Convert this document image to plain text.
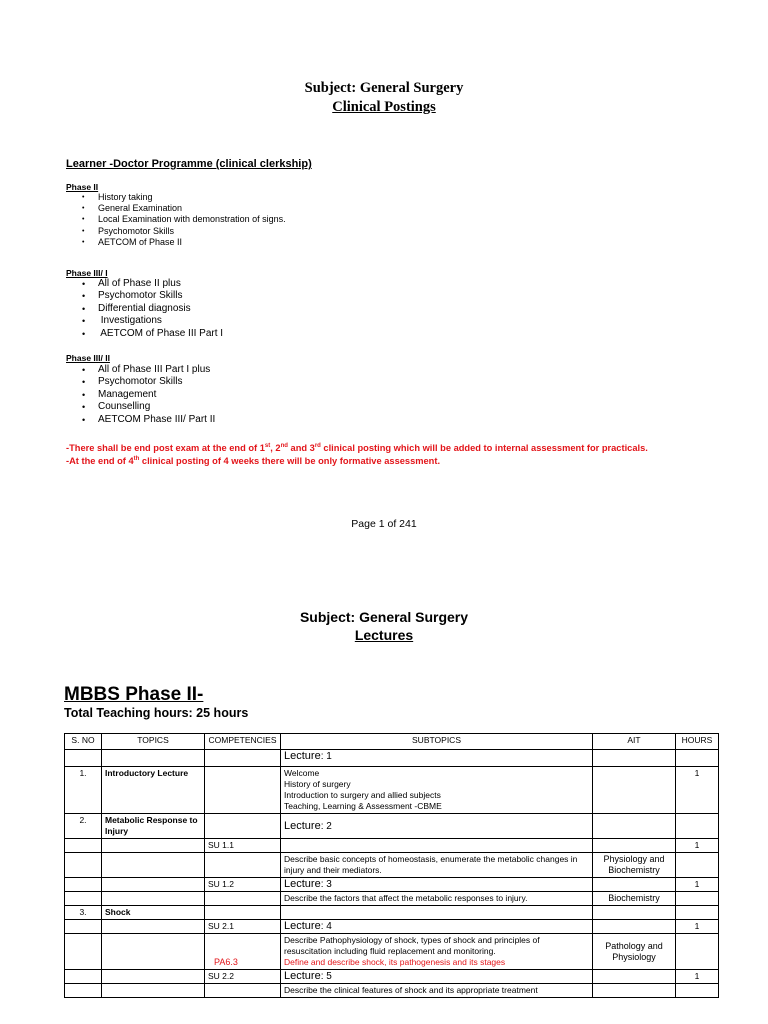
Subject: General Surgery
Clinical Postings
Learner -Doctor Programme (clinical clerkship)
Phase II
• History taking
• General Examination
• Local Examination with demonstration of signs.
• Psychomotor Skills
• AETCOM of Phase II
Phase III/ I
• All of Phase II plus
• Psychomotor Skills
• Differential diagnosis
•  Investigations
•  AETCOM of Phase III Part I
Phase III/ II
• All of Phase III Part I plus
• Psychomotor Skills
• Management
• Counselling
• AETCOM Phase III/ Part II
-There shall be end post exam at the end of 1st, 2nd and 3rd clinical posting which will be added to internal assessment for practicals.
-At the end of 4th clinical posting of 4 weeks there will be only formative assessment.
Page 1 of 241
Subject: General Surgery
Lectures
MBBS Phase II-
Total Teaching hours: 25 hours
S. NO	TOPICS	COMPETENCIES	SUBTOPICS	AIT	HOURS
			Lecture: 1		
1.	Introductory Lecture		Welcome
History of surgery
Introduction to surgery and allied subjects
Teaching, Learning & Assessment -CBME		1
2.	Metabolic Response to Injury		Lecture: 2		
		SU 1.1			1
			Describe basic concepts of homeostasis, enumerate the metabolic changes in injury and their mediators.	Physiology and Biochemistry	
		SU 1.2	Lecture: 3		1
			Describe the factors that affect the metabolic responses to injury.	Biochemistry	
3.	Shock				
		SU 2.1	Lecture: 4		1
		PA6.3	Describe Pathophysiology of shock, types of shock and principles of resuscitation including fluid replacement and monitoring.
Define and describe shock, its pathogenesis and its stages	Pathology and Physiology	
		SU 2.2	Lecture: 5		1
			Describe the clinical features of shock and its appropriate treatment		
